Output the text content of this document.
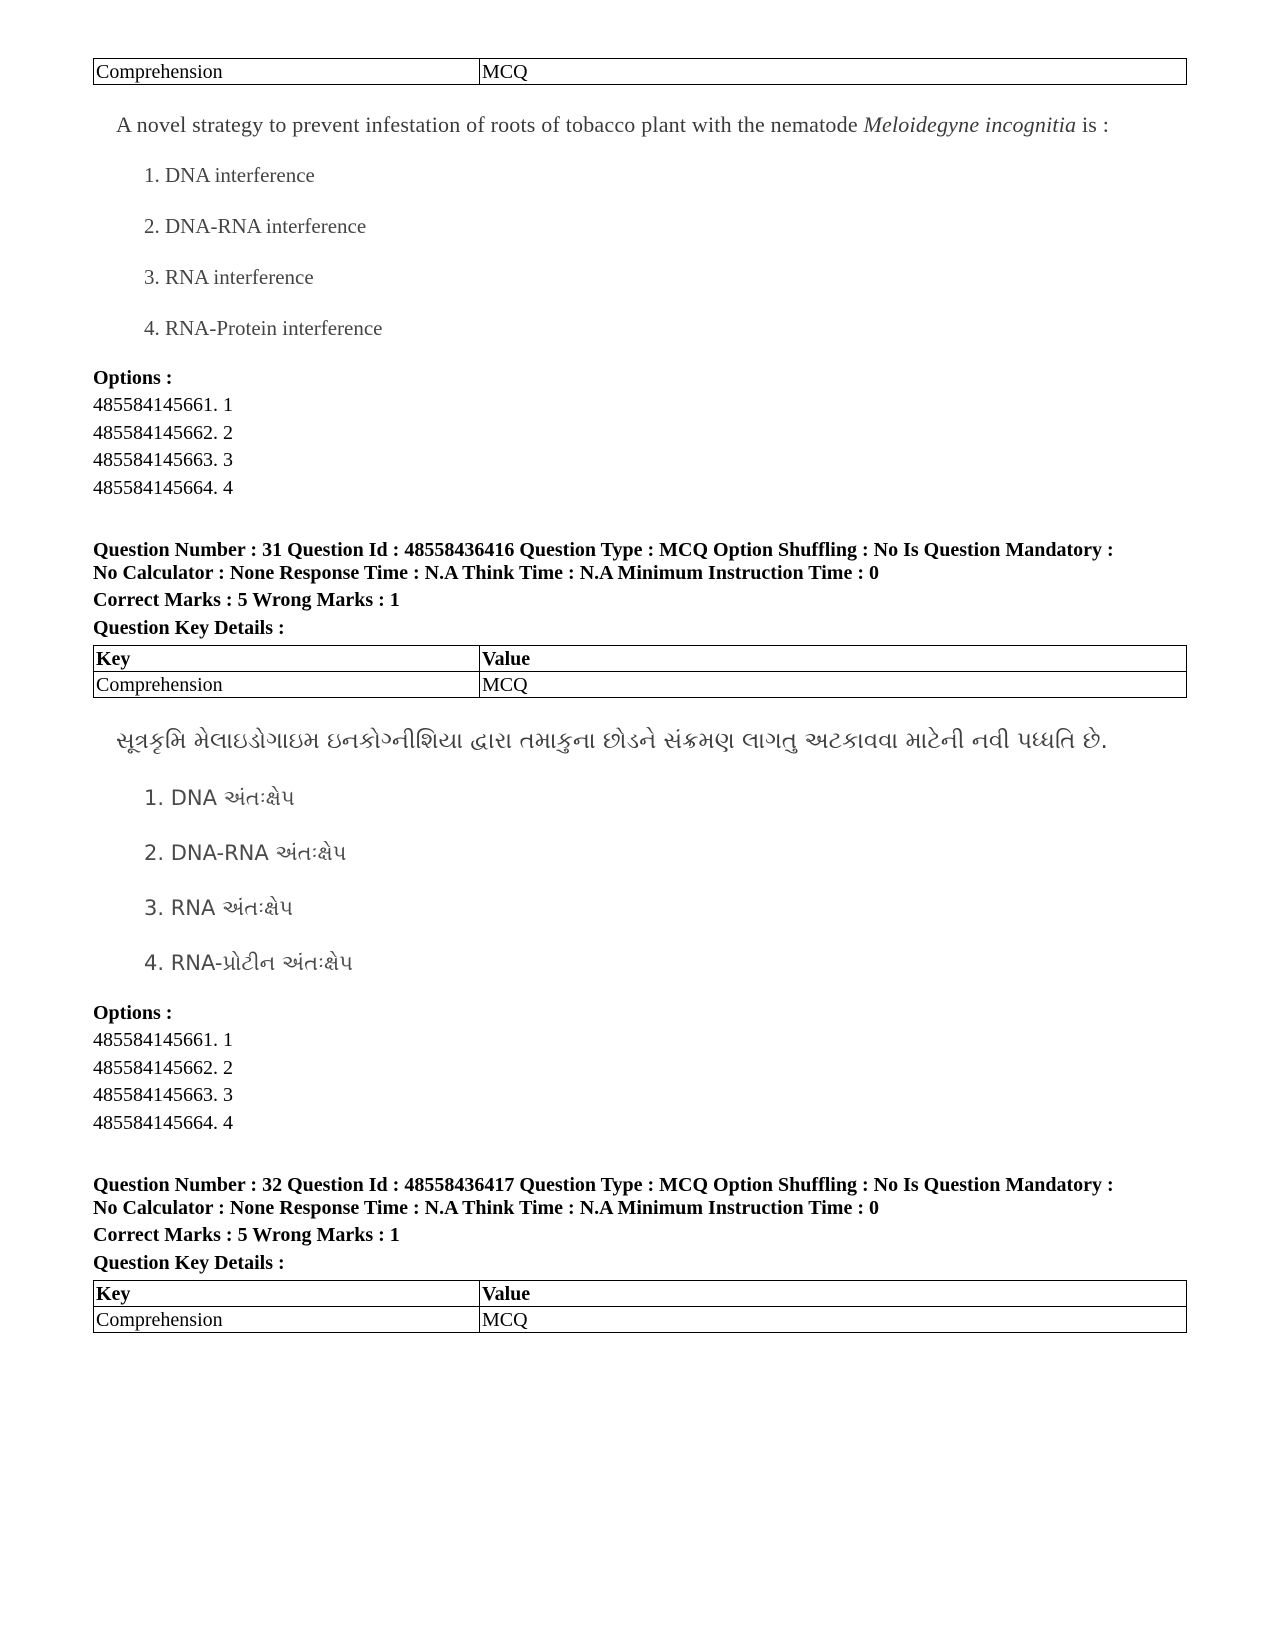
Comprehension	MCQ
A novel strategy to prevent infestation of roots of tobacco plant with the nematode Meloidegyne incognitia is :
1. DNA interference
2. DNA-RNA interference
3. RNA interference
4. RNA-Protein interference
Options :
485584145661. 1
485584145662. 2
485584145663. 3
485584145664. 4
Question Number : 31 Question Id : 48558436416 Question Type : MCQ Option Shuffling : No Is Question Mandatory :
No Calculator : None Response Time : N.A Think Time : N.A Minimum Instruction Time : 0
Correct Marks : 5 Wrong Marks : 1
Question Key Details :
Key	Value
Comprehension	MCQ
સૂત્રકૃમિ મેલાઇડોગાઇમ ઇનકોગ્નીશિયા દ્વારા તમાકુના છોડને સંક્રમણ લાગતુ અટકાવવા માટેની નવી પધ્ધતિ છે.
1. DNA અંતઃક્ષેપ
2. DNA-RNA અંતઃક્ષેપ
3. RNA અંતઃક્ષેપ
4. RNA-પ્રોટીન અંતઃક્ષેપ
Options :
485584145661. 1
485584145662. 2
485584145663. 3
485584145664. 4
Question Number : 32 Question Id : 48558436417 Question Type : MCQ Option Shuffling : No Is Question Mandatory :
No Calculator : None Response Time : N.A Think Time : N.A Minimum Instruction Time : 0
Correct Marks : 5 Wrong Marks : 1
Question Key Details :
Key	Value
Comprehension	MCQ
